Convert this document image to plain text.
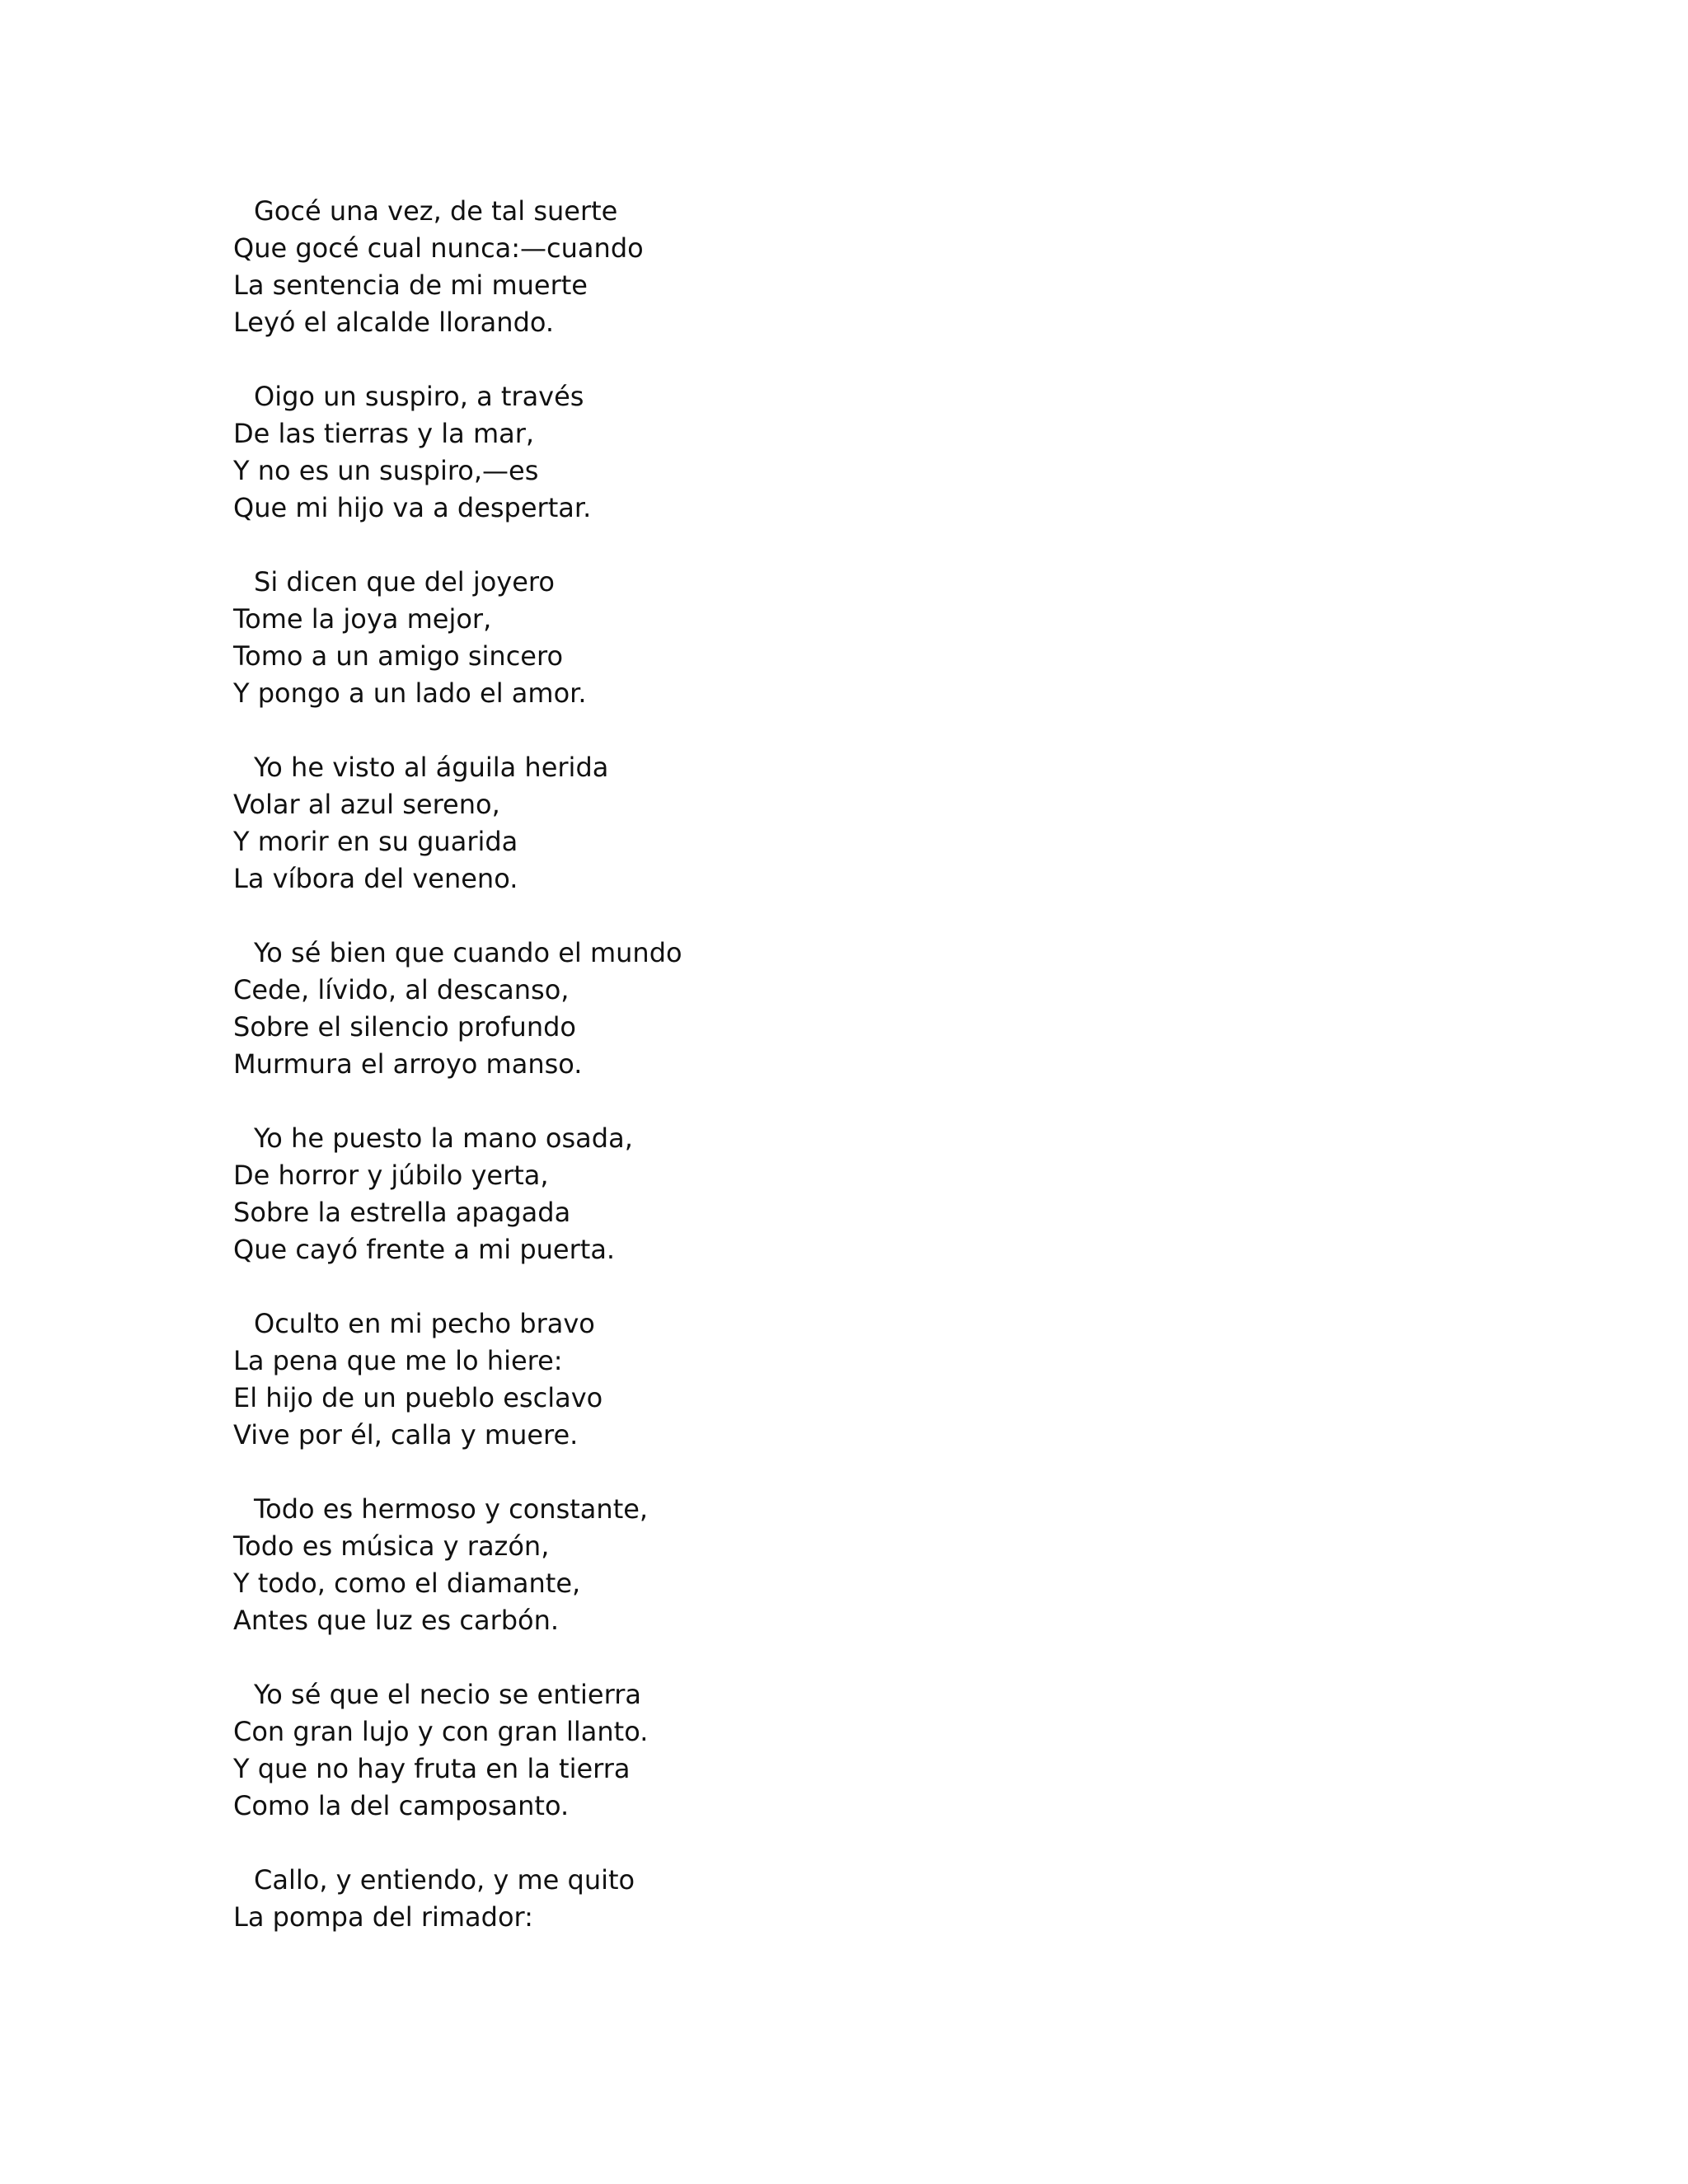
Gocé una vez, de tal suerte
Que gocé cual nunca:—cuando
La sentencia de mi muerte
Leyó el alcalde llorando.
Oigo un suspiro, a través
De las tierras y la mar,
Y no es un suspiro,—es
Que mi hijo va a despertar.
Si dicen que del joyero
Tome la joya mejor,
Tomo a un amigo sincero
Y pongo a un lado el amor.
Yo he visto al águila herida
Volar al azul sereno,
Y morir en su guarida
La víbora del veneno.
Yo sé bien que cuando el mundo
Cede, lívido, al descanso,
Sobre el silencio profundo
Murmura el arroyo manso.
Yo he puesto la mano osada,
De horror y júbilo yerta,
Sobre la estrella apagada
Que cayó frente a mi puerta.
Oculto en mi pecho bravo
La pena que me lo hiere:
El hijo de un pueblo esclavo
Vive por él, calla y muere.
Todo es hermoso y constante,
Todo es música y razón,
Y todo, como el diamante,
Antes que luz es carbón.
Yo sé que el necio se entierra
Con gran lujo y con gran llanto.
Y que no hay fruta en la tierra
Como la del camposanto.
Callo, y entiendo, y me quito
La pompa del rimador:
